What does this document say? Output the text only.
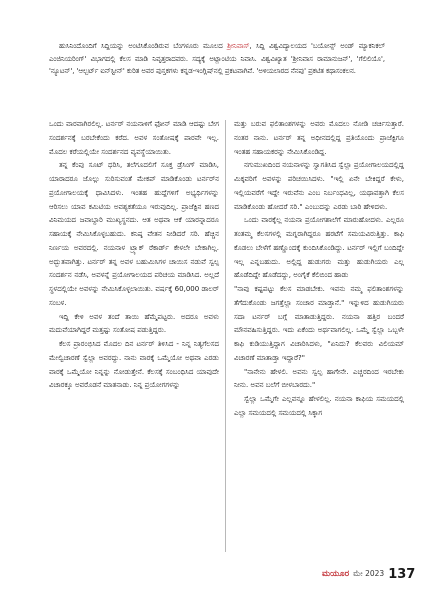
ಹುಸಿನಿಂದೊಂದಿಗೆ ಸಿದ್ದಿಯನ್ನು ಅಂಟಿಸಿಕೊಂಡಿರುವ ಬೆಂಗಳೂರು ಮೂಲದ ಶ್ರೀನಿವಾಸ್, ಸಿದ್ದಿ ವಿಶ್ವವಿದ್ಯಾಲಯದ 'ಬಯೋನ್ಸ್ ಅಂಡ್ ಮ್ಯಾಕನಿಕಲ್ ಎಂಜಿನಿಯರಿಂಗ್' ವಿಭಾಗದಲ್ಲಿ ಕೆಲಸ ಮಾಡಿ ನಿವೃತ್ತರಾದವರು. ಸದ್ಯಕ್ಕೆ ಅಟ್ಲಾಂಟಿಯ ನಿವಾಸಿ. ವಿಶ್ವವಿಖ್ಯಾತ 'ಶ್ರೀನಿವಾಸ ರಾಮಾನುಜನ್', 'ಗೆಲಿಲಿಯೊ', 'ನ್ಯೂಟನ್', 'ಆಲ್ಬರ್ಟ್ ಐನ್‌ಸ್ಟೀನ್' ಕುರಿತ ಅವರ ಪುಸ್ತಕಗಳು ಕನ್ನಡ-ಇಂಗ್ಲಿಷ್‌ನಲ್ಲಿ ಪ್ರಕಟವಾಗಿವೆ. 'ಅಳಿಯಲಾರದ ನೆನಪು' ಪ್ರಕಟಿತ ಕಥಾಸಂಕಲನ.

ಒಂದು ವಾರವಾಗಿರಲಿಲ್ಲ. ಟರ್ನರ್ ನಯನಾಳಿಗೆ ಫೋನ್ ಮಾಡಿ ಆದಷ್ಟು ಬೇಗ ಸಂದರ್ಶನಕ್ಕೆ ಬರಬೇಕೆಂದು ಕರೆದ. ಅವಳ ಸಂತೋಷಕ್ಕೆ ಪಾರವೇ ಇಲ್ಲ. ಮೊದಲ ಕರೆಯಲ್ಲಿಯೇ ಸಂದರ್ಶನದ ವ್ಯವಸ್ಥೆಯಾಯಿತು.

ತನ್ನ ಕೆಂಪು ಸೂಟ್ ಧರಿಸಿ, ತಲೆಗೂದಲಿಗೆ ಸೂಕ್ತ ಡ್ರೆಸಿಂಗ್ ಮಾಡಿಸಿ, ಯಾರಾದರೂ ಜೊಲ್ಲು ಸುರಿಸುವಂತೆ ಮೇಕಪ್ ಮಾಡಿಕೊಂಡು ಟರ್ನರ್‌ನ ಪ್ರಯೋಗಾಲಯಕ್ಕೆ ಧಾವಿಸಿದಳು. ಇಂತಹ ಹುದ್ದೆಗಳಿಗೆ ಅಭ್ಯರ್ಥಿಗಳನ್ನು ಆರಿಸಲು ಯಾವ ಕಮಿಟಿಯ ಅವಶ್ಯಕತೆಯೂ ಇರುವುದಿಲ್ಲ. ಪ್ರಾಜೆಕ್ಟಿನ ಹಣದ ವಿನಿಮಯದ ಜವಾಬ್ದಾರಿ ಮುಖ್ಯಸ್ಥನದು. ಆತ ಅಥವಾ ಆಕೆ ಯಾರನ್ನಾದರೂ ಸಹಾಯಕ್ಕೆ ನೇಮಿಸಿಕೊಳ್ಳಬಹುದು. ಕನಿಷ್ಠ ವೇತನ ನೀಡಿದರೆ ಸರಿ. ಹೆಚ್ಚಿನ ನಿರ್ಣಯ ಅವರದಲ್ಲಿ. ನಯನಾಳ ಟ್ರ್ಯಾಕ್ ರೆಕಾರ್ಡ್ ಕೇಳಲೇ ಬೇಕಾಗಿಲ್ಲ. ಅದ್ಭುತವಾಗಿತ್ತು. ಟರ್ನರ್ ತನ್ನ ಅವಳ ಬಹುಮಿಸಿಗಳ ಚಾಯಿಸ ನಡುವೆ ಸ್ವಲ್ಪ ಸಂದರ್ಶನ ನಡೆಸಿ, ಅವಳನ್ನೆ ಪ್ರಯೋಗಾಲಯದ ಪರಿಚಯ ಮಾಡಿಸಿದ. ಅಲ್ಲದೆ ಸ್ಥಳದಲ್ಲಿಯೇ ಅವಳನ್ನು ನೇಮಿಸಿಕೊಳ್ಳಲಾಯಿತು. ವರ್ಷಕ್ಕೆ 60,000 ಡಾಲರ್ ಸಂಬಳ.

ಇದ್ದಿ ಕೇಳಿ ಅವಳ ತಂದೆ ತಾಯಿ ಹೆಮ್ಮೆಪಟ್ಟರು. ಅದರೂ ಅವಳು ಮದುವೆಯಾಗಿದ್ದರೆ ಮತ್ತಷ್ಟು ಸಂತೋಷ ಪಡುತ್ತಿದ್ದರು.

ಕೆಲಸ ಪ್ರಾರಂಭಿಸಿದ ಮೊದಲ ದಿನ ಟರ್ನರ್ ತಿಳಿಸಿದ - ನಿನ್ನ ನಿತ್ಯಗೆಲಸದ ಮೇಲ್ವಿಚಾರಣೆ ಸ್ವೆಲ್ಲಾ ಅವರದ್ದು. ನಾನು ವಾರಕ್ಕೆ ಒಮ್ಮೆಯೋ ಅಥವಾ ಎರಡು ವಾರಕ್ಕೆ ಒಮ್ಮೆಯೋ ನಿನ್ನನ್ನು ನೋಡುತ್ತೇನೆ. ಕೆಲಸಕ್ಕೆ ಸಂಬಂಧಿಸಿದ ಯಾವುದೇ ವಿಚಾರಕ್ಕೂ ಅವರೊಡನೆ ಮಾತನಾಡು. ನಿನ್ನ ಪ್ರಯೋಗಗಳನ್ನು

ಮತ್ತು ಬರುವ ಫಲಿತಾಂಶಗಳನ್ನು ಅವರು ಮೊದಲು ನೋಡಿ ಚರ್ಚಿಸುತ್ತಾರೆ. ನಂತರ ನಾನು. ಟರ್ನರ್ ತನ್ನ ಅಧೀನದಲ್ಲಿದ್ದ ಪ್ರತಿಯೊಂದು ಪ್ರಾಜೆಕ್ಟಿಗೂ ಇಂತಹ ಸಹಾಯಕರನ್ನು ನೇಮಿಸಿಕೊಂಡಿದ್ದ.

ನಗುಮುಖದಿಂದ ನಯನಾಳನ್ನು ಸ್ವಾಗತಿಸಿದ ಸ್ವೆಲ್ಲಾ ಪ್ರಯೋಗಾಲಯದಲ್ಲಿದ್ದ ಮಿಕ್ಕವರಿಗೆ ಅವಳನ್ನು ಪರಿಚಯಿಸಿದಳು. "ಇಲ್ಲಿ ಏನೇ ಬೇಕಿದ್ದರೆ ಕೇಳು, ಇಲ್ಲಿಯವರೆಗೆ ಇದ್ದೇ ಇರುವೆನು ಎಂಬ ನಿರ್ಬಂಧವಿಲ್ಲ, ಯಥಾವತ್ತಾಗಿ ಕೆಲಸ ಮಾಡಿಕೊಂಡು ಹೋದರೆ ಸರಿ." ಎಂಬುದನ್ನು ಎರಡು ಬಾರಿ ಹೇಳಿದಳು.

ಒಂದು ವಾರಕ್ಕೆಲ್ಲ ನಯನಾ ಪ್ರಯೋಗಶಾಲೆಗೆ ಮಾರುಹೋದಳು. ಎಲ್ಲರೂ ತಂತಮ್ಮ ಕೆಲಸಗಳಲ್ಲಿ ಮಗ್ನರಾಗಿದ್ದರೂ ಹರಟೆಗೆ ಸಮಯವಿರುತ್ತಿತ್ತು. ಕಾಫಿ ಕೊಡಲು ಬೇಳೆಗೆ ಹಣ್ಣೊಂದಕ್ಕೆ ಕುಂದಿಸಿಕೊಂಡಿದ್ದು. ಟರ್ನರ್ ಇಲ್ಲಿಗೆ ಬಂದಿದ್ದೇ ಇಲ್ಲ ಎನ್ನಬಹುದು. ಅಲ್ಲಿದ್ದ ಹುಡುಗರು ಮತ್ತು ಹುಡುಗಿಯರು ಎಲ್ಲ ಹೊಡೆದಿದ್ದೇ ಹೊಡೆದದ್ದು, ಅಂಗೈಕೆ ಕೆಲಿಬಿಂದ ಹಾಡು

"ನಾವು ಕಷ್ಟಪಟ್ಟು ಕೆಲಸ ಮಾಡಬೇಕು. ಇವನು ನಮ್ಮ ಫಲಿತಾಂಶಗಳನ್ನು ತೆಗೆದುಕೊಂಡು ಜಗತ್ತೆಲ್ಲಾ ಸಂಚಾರ ಮಾಡ್ತಾನೆ." ಇನ್ನುಳಿದ ಹುಡುಗಿಯರು ಸದಾ ಟರ್ನರ್ ಬಗ್ಗೆ ಮಾತಾಡುತ್ತಿದ್ದರು. ನಯನಾ ಹತ್ತಿರ ಬಂದರೆ ಮೌನವಹಿಸುತ್ತಿದ್ದರು. ಇದು ಏಕೆಂದು ಅರ್ಥವಾಗಲಿಲ್ಲ. ಒಮ್ಮೆ ಸ್ವೆಲ್ಲಾ ಒಬ್ಬಳೇ ಕಾಫಿ ಕುಡಿಯುತ್ತಿದ್ದಾಗ ವಿಚಾರಿಸಿದಳು, "ಏನಿದು? ಕೆಲವರು ವಿಲಿಯಮ್ ವಿಚಾರಣೆ ಮಾತಾಡ್ತಾ ಇದ್ದಾರೆ?"

"ನಾನೇನು ಹೇಳಲಿ. ಅವನು ಸ್ವಲ್ಪ ಹಾಗೇನೇ. ಎಚ್ಚರದಿಂದ ಇರಬೇಕು ನೀನು. ಅವನ ಬಲೆಗೆ ಬೀಳಬಾರದು."

ಸ್ವೆಲ್ಲಾ ಒಮ್ಮೆಗೇ ಎಲ್ಲವನ್ನೂ ಹೇಳಲಿಲ್ಲ. ನಯನಾ ಕಾಫಿಯ ಸಮಯದಲ್ಲಿ ಎಲ್ಲಾ ಸಮಯದಲ್ಲಿ ಸಮಯದಲ್ಲಿ ಸಿಕ್ಕಾಗ

ಮಯೂರ ಮೇ 2023 137
